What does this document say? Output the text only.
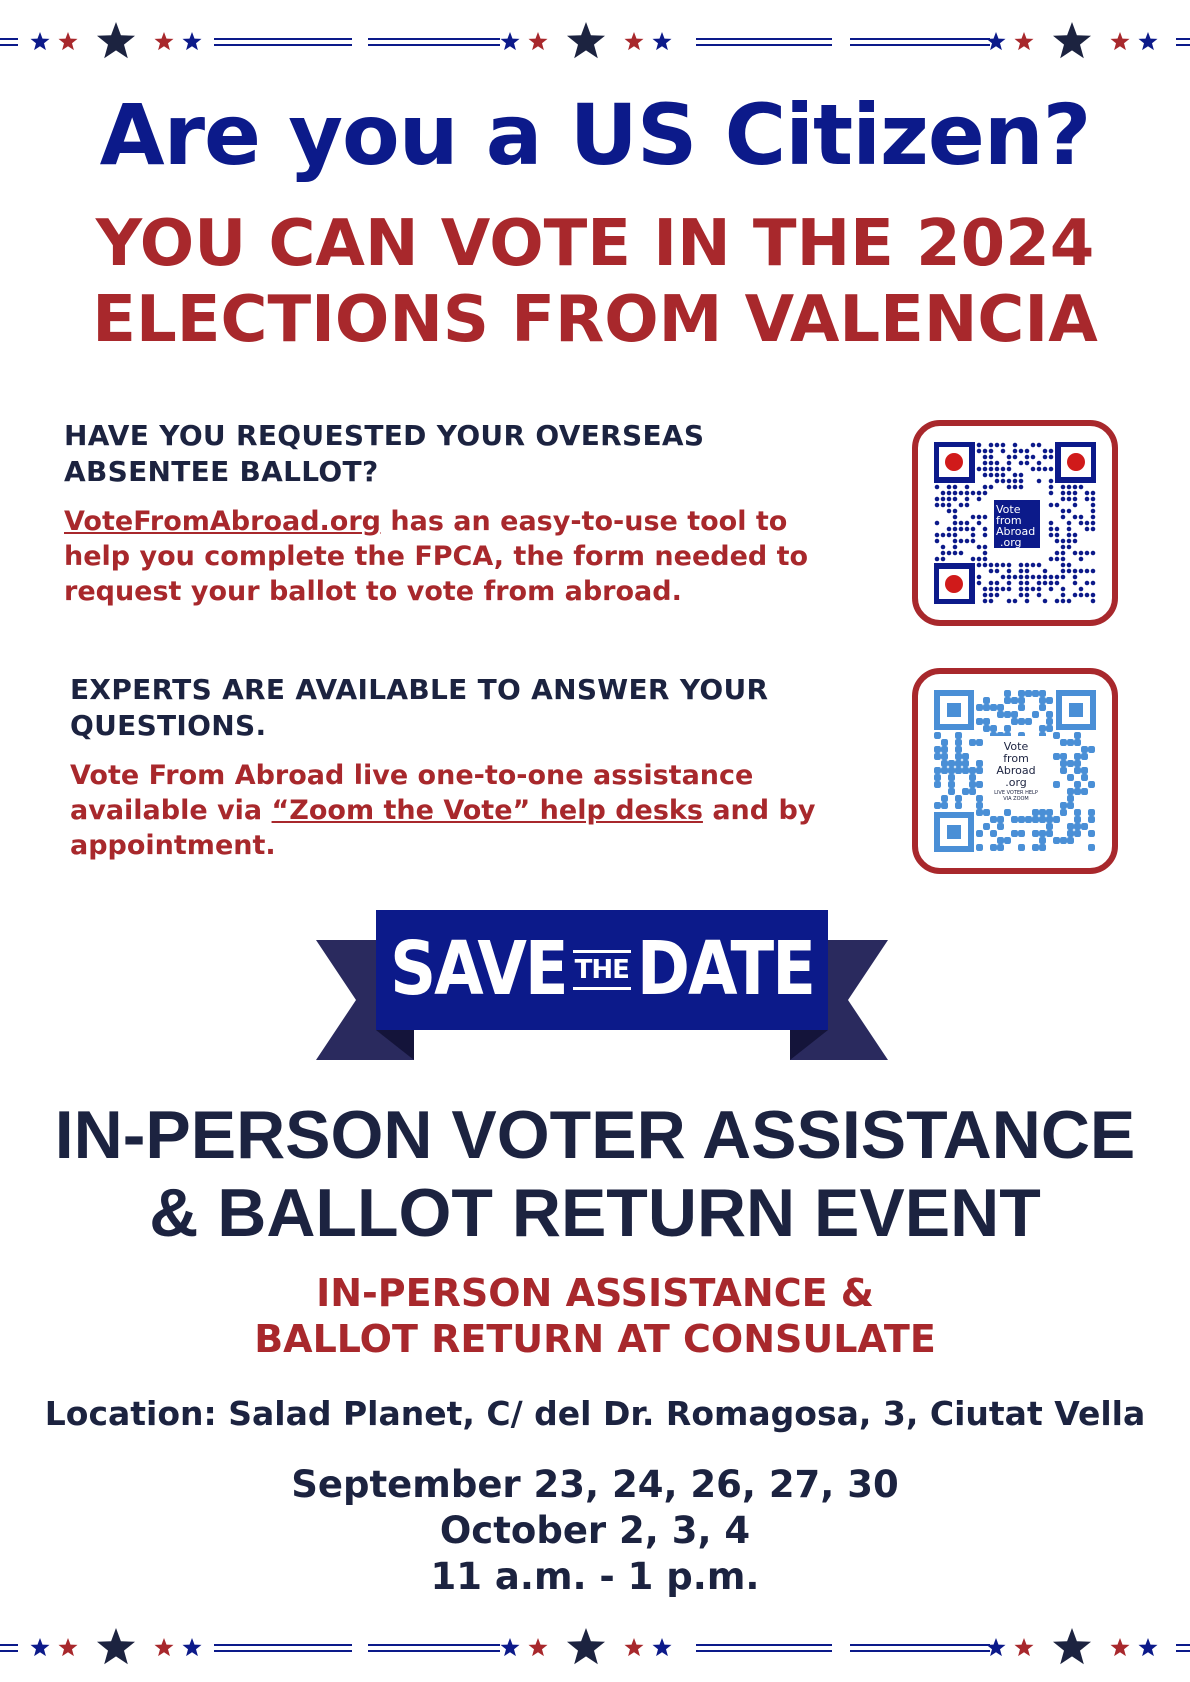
Are you a US Citizen?
YOU CAN VOTE IN THE 2024
ELECTIONS FROM VALENCIA

HAVE YOU REQUESTED YOUR OVERSEAS
ABSENTEE BALLOT?

VoteFromAbroad.org has an easy-to-use tool to
help you complete the FPCA, the form needed to
request your ballot to vote from abroad.

Vote
from
Abroad
.org

EXPERTS ARE AVAILABLE TO ANSWER YOUR
QUESTIONS.

Vote From Abroad live one-to-one assistance
available via “Zoom the Vote” help desks and by
appointment.

Vote
from
Abroad
.org
LIVE VOTER HELP
VIA ZOOM
SAVE THE DATE
IN-PERSON VOTER ASSISTANCE
& BALLOT RETURN EVENT
IN-PERSON ASSISTANCE &
BALLOT RETURN AT CONSULATE

Location: Salad Planet, C/ del Dr. Romagosa, 3, Ciutat Vella

September 23, 24, 26, 27, 30
October 2, 3, 4
11 a.m. - 1 p.m.
